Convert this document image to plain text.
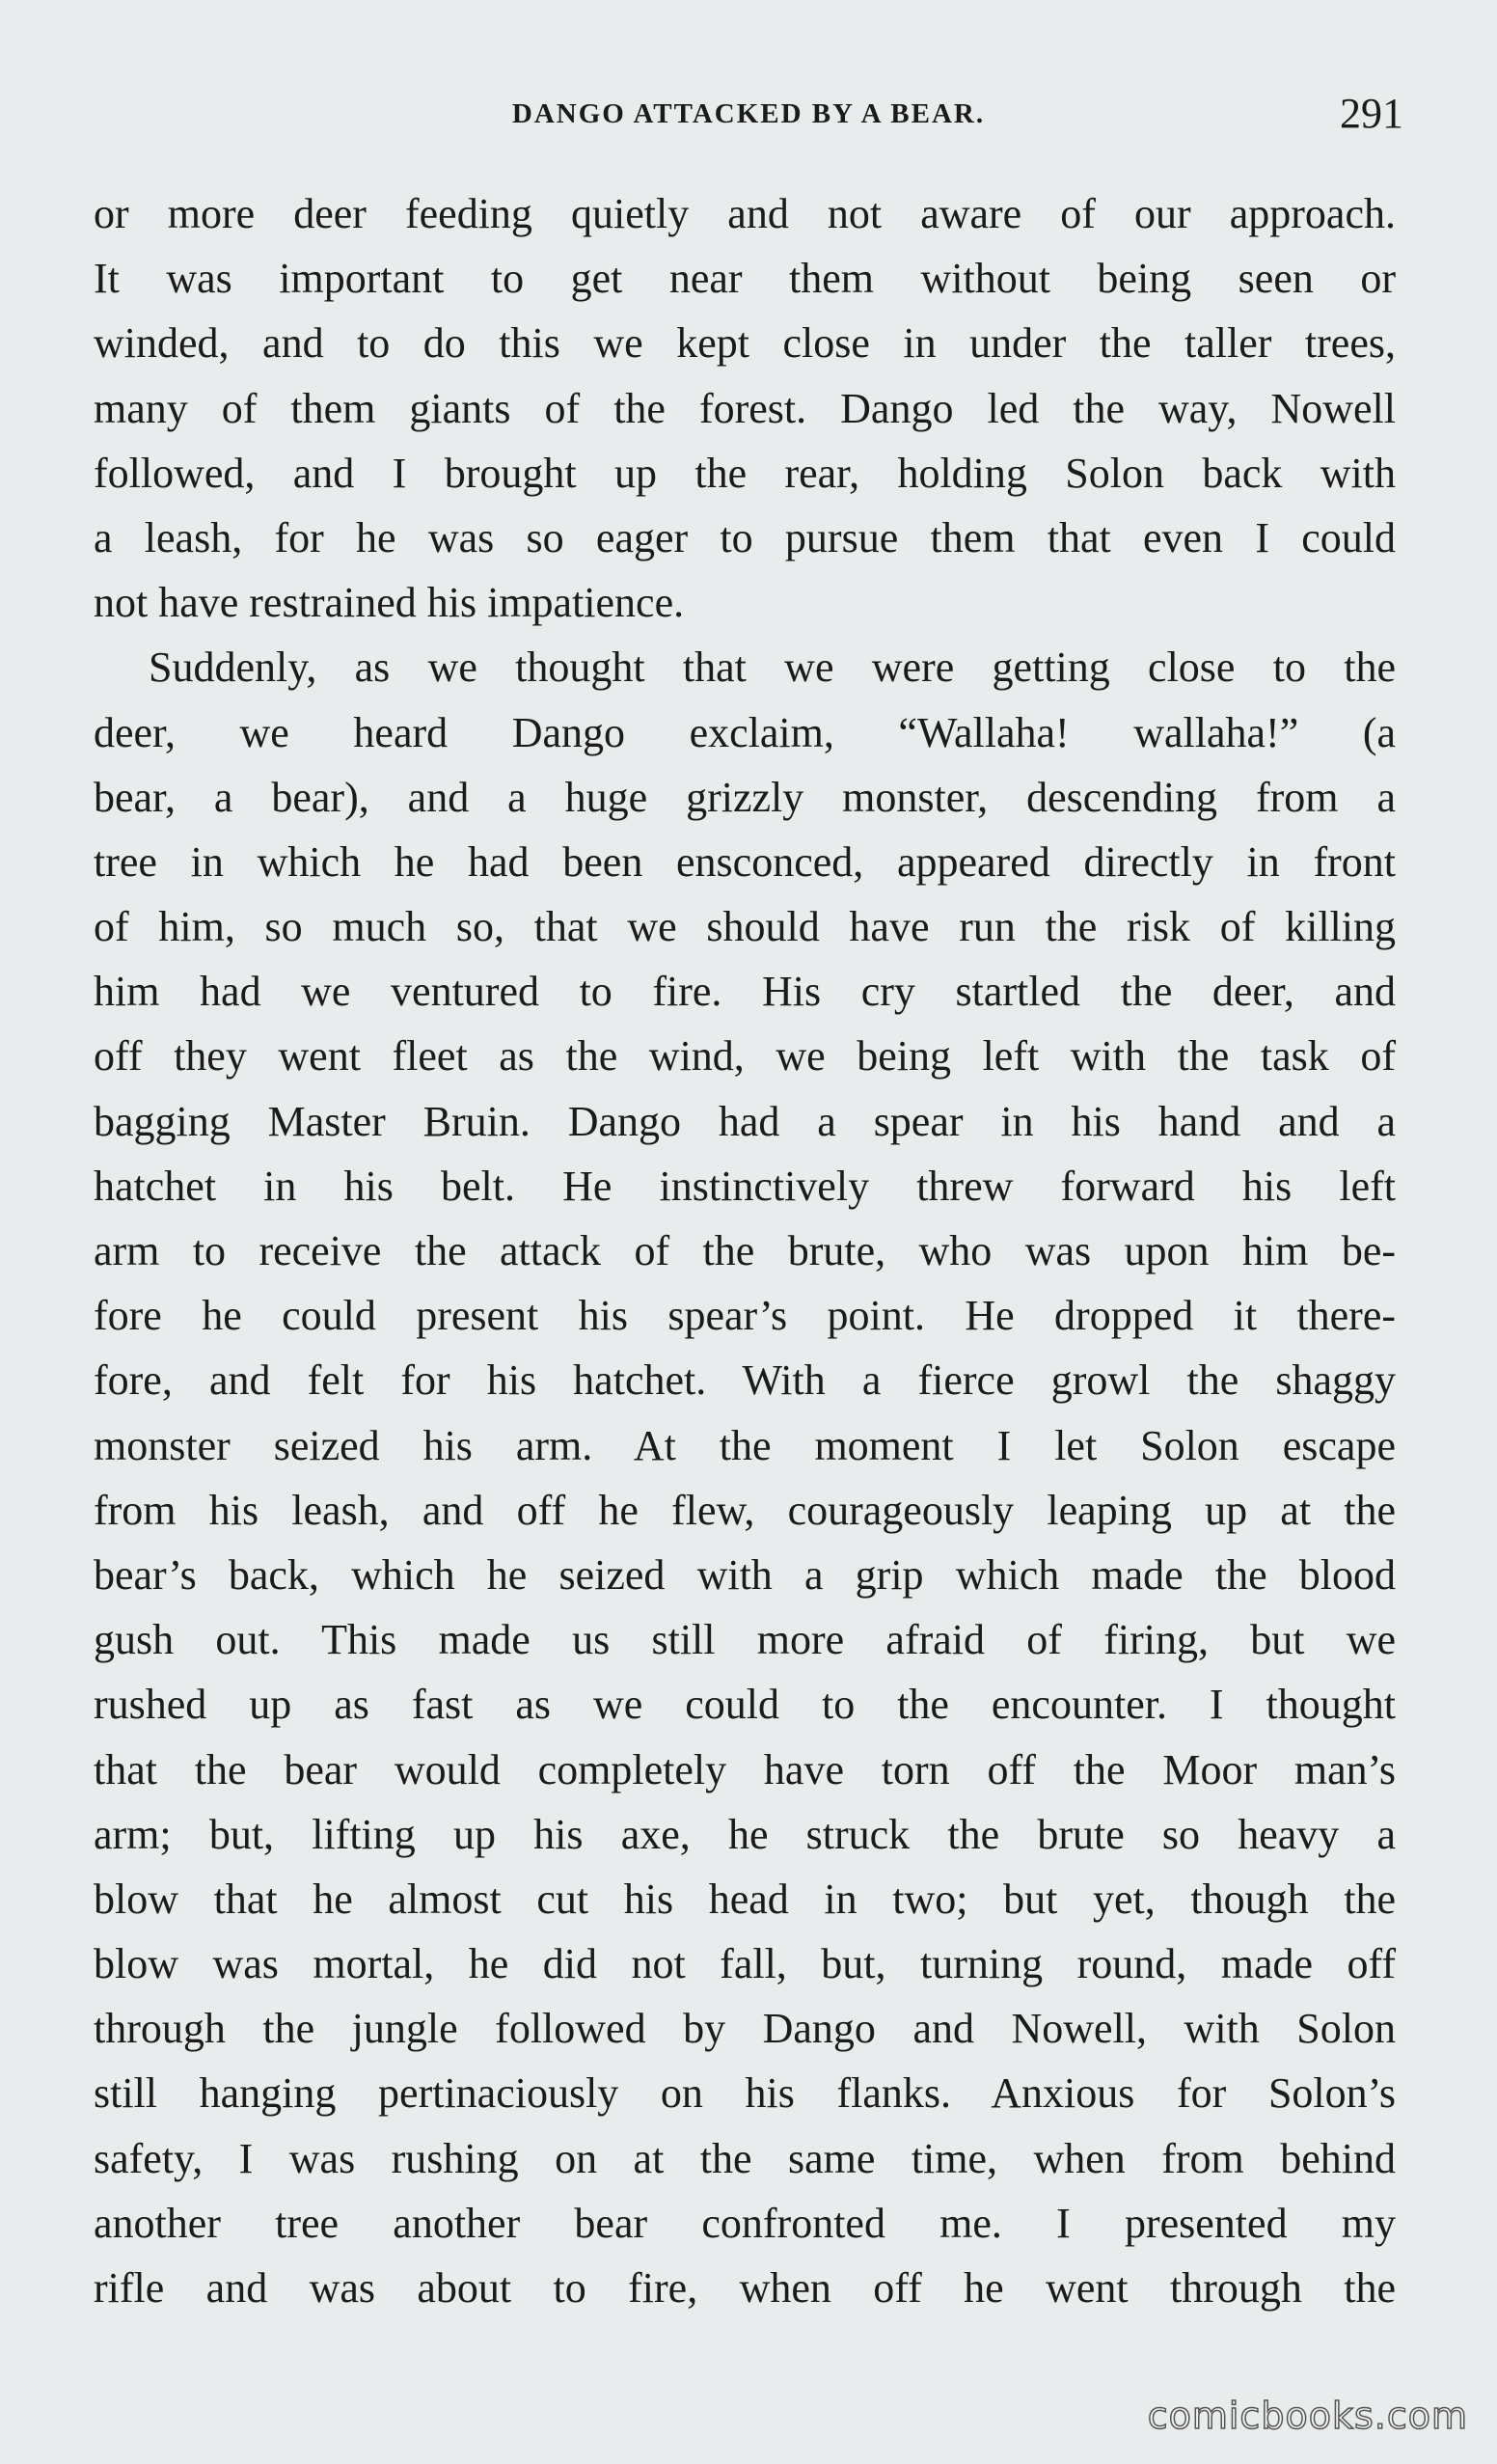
DANGO ATTACKED BY A BEAR.	291
or more deer feeding quietly and not aware of our approach.
It was important to get near them without being seen or
winded, and to do this we kept close in under the taller trees,
many of them giants of the forest. Dango led the way, Nowell
followed, and I brought up the rear, holding Solon back with
a leash, for he was so eager to pursue them that even I could
not have restrained his impatience.
Suddenly, as we thought that we were getting close to the
deer, we heard Dango exclaim, “Wallaha! wallaha!” (a
bear, a bear), and a huge grizzly monster, descending from a
tree in which he had been ensconced, appeared directly in front
of him, so much so, that we should have run the risk of killing
him had we ventured to fire. His cry startled the deer, and
off they went fleet as the wind, we being left with the task of
bagging Master Bruin. Dango had a spear in his hand and a
hatchet in his belt. He instinctively threw forward his left
arm to receive the attack of the brute, who was upon him be-
fore he could present his spear’s point. He dropped it there-
fore, and felt for his hatchet. With a fierce growl the shaggy
monster seized his arm. At the moment I let Solon escape
from his leash, and off he flew, courageously leaping up at the
bear’s back, which he seized with a grip which made the blood
gush out. This made us still more afraid of firing, but we
rushed up as fast as we could to the encounter. I thought
that the bear would completely have torn off the Moor man’s
arm; but, lifting up his axe, he struck the brute so heavy a
blow that he almost cut his head in two; but yet, though the
blow was mortal, he did not fall, but, turning round, made off
through the jungle followed by Dango and Nowell, with Solon
still hanging pertinaciously on his flanks. Anxious for Solon’s
safety, I was rushing on at the same time, when from behind
another tree another bear confronted me. I presented my
rifle and was about to fire, when off he went through the
comicbooks.com
